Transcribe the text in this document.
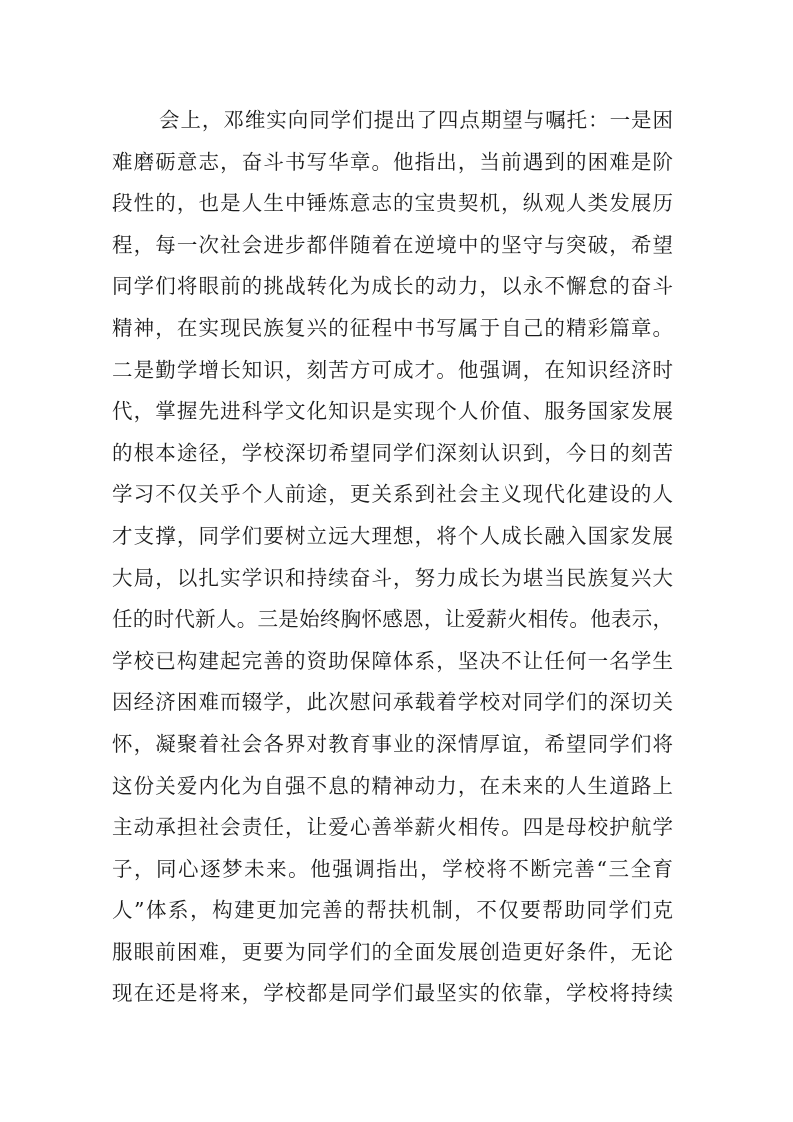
会上，邓维实向同学们提出了四点期望与嘱托：一是困
难磨砺意志，奋斗书写华章。他指出，当前遇到的困难是阶
段性的，也是人生中锤炼意志的宝贵契机，纵观人类发展历
程，每一次社会进步都伴随着在逆境中的坚守与突破，希望
同学们将眼前的挑战转化为成长的动力，以永不懈怠的奋斗
精神，在实现民族复兴的征程中书写属于自己的精彩篇章。
二是勤学增长知识，刻苦方可成才。他强调，在知识经济时
代，掌握先进科学文化知识是实现个人价值、服务国家发展
的根本途径，学校深切希望同学们深刻认识到，今日的刻苦
学习不仅关乎个人前途，更关系到社会主义现代化建设的人
才支撑，同学们要树立远大理想，将个人成长融入国家发展
大局，以扎实学识和持续奋斗，努力成长为堪当民族复兴大
任的时代新人。三是始终胸怀感恩，让爱薪火相传。他表示，
学校已构建起完善的资助保障体系，坚决不让任何一名学生
因经济困难而辍学，此次慰问承载着学校对同学们的深切关
怀，凝聚着社会各界对教育事业的深情厚谊，希望同学们将
这份关爱内化为自强不息的精神动力，在未来的人生道路上
主动承担社会责任，让爱心善举薪火相传。四是母校护航学
子，同心逐梦未来。他强调指出，学校将不断完善“三全育
人”体系，构建更加完善的帮扶机制，不仅要帮助同学们克
服眼前困难，更要为同学们的全面发展创造更好条件，无论
现在还是将来，学校都是同学们最坚实的依靠，学校将持续
